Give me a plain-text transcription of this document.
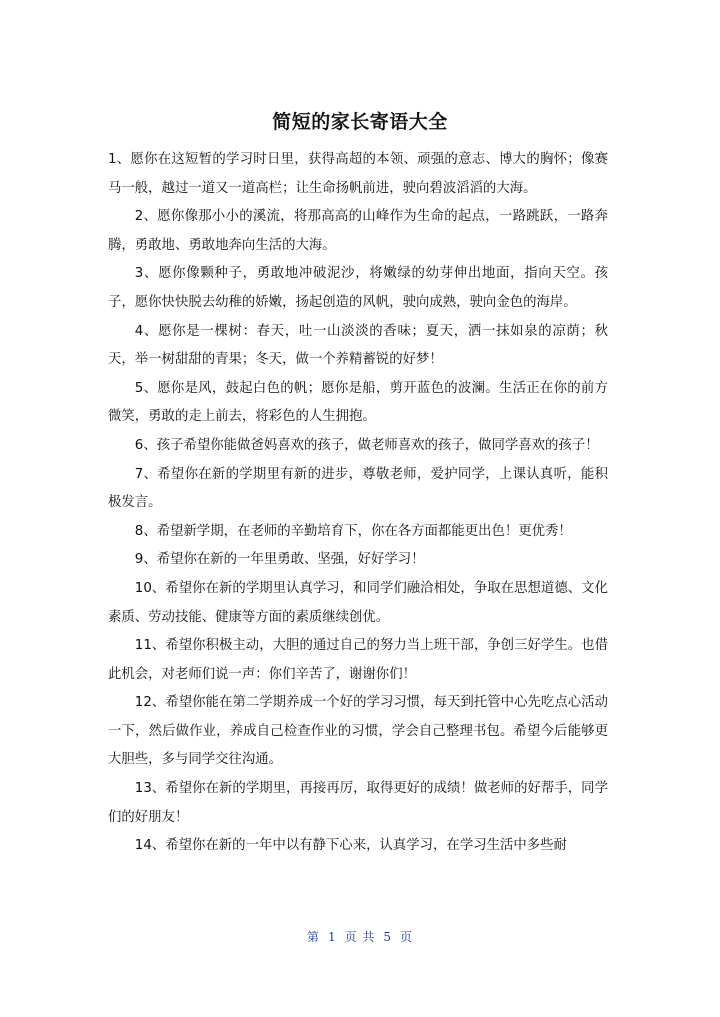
简短的家长寄语大全

1、愿你在这短暂的学习时日里，获得高超的本领、顽强的意志、博大的胸怀；像赛马一般，越过一道又一道高栏；让生命扬帆前进，驶向碧波滔滔的大海。

2、愿你像那小小的溪流，将那高高的山峰作为生命的起点，一路跳跃，一路奔腾，勇敢地、勇敢地奔向生活的大海。

3、愿你像颗种子，勇敢地冲破泥沙，将嫩绿的幼芽伸出地面，指向天空。孩子，愿你快快脱去幼稚的娇嫩，扬起创造的风帆，驶向成熟，驶向金色的海岸。

4、愿你是一棵树：春天，吐一山淡淡的香味；夏天，洒一抹如泉的凉荫；秋天，举一树甜甜的青果；冬天，做一个养精蓄锐的好梦！

5、愿你是风，鼓起白色的帆；愿你是船，剪开蓝色的波澜。生活正在你的前方微笑，勇敢的走上前去，将彩色的人生拥抱。

6、孩子希望你能做爸妈喜欢的孩子，做老师喜欢的孩子，做同学喜欢的孩子！

7、希望你在新的学期里有新的进步，尊敬老师，爱护同学，上课认真听，能积极发言。

8、希望新学期，在老师的辛勤培育下，你在各方面都能更出色！更优秀！

9、希望你在新的一年里勇敢、坚强，好好学习！

10、希望你在新的学期里认真学习，和同学们融洽相处，争取在思想道德、文化素质、劳动技能、健康等方面的素质继续创优。

11、希望你积极主动，大胆的通过自己的努力当上班干部，争创三好学生。也借此机会，对老师们说一声：你们辛苦了，谢谢你们！

12、希望你能在第二学期养成一个好的学习习惯，每天到托管中心先吃点心活动一下，然后做作业，养成自己检查作业的习惯，学会自己整理书包。希望今后能够更大胆些，多与同学交往沟通。

13、希望你在新的学期里，再接再厉，取得更好的成绩！做老师的好帮手，同学们的好朋友！

14、希望你在新的一年中以有静下心来，认真学习，在学习生活中多些耐

第 1 页 共 5 页
